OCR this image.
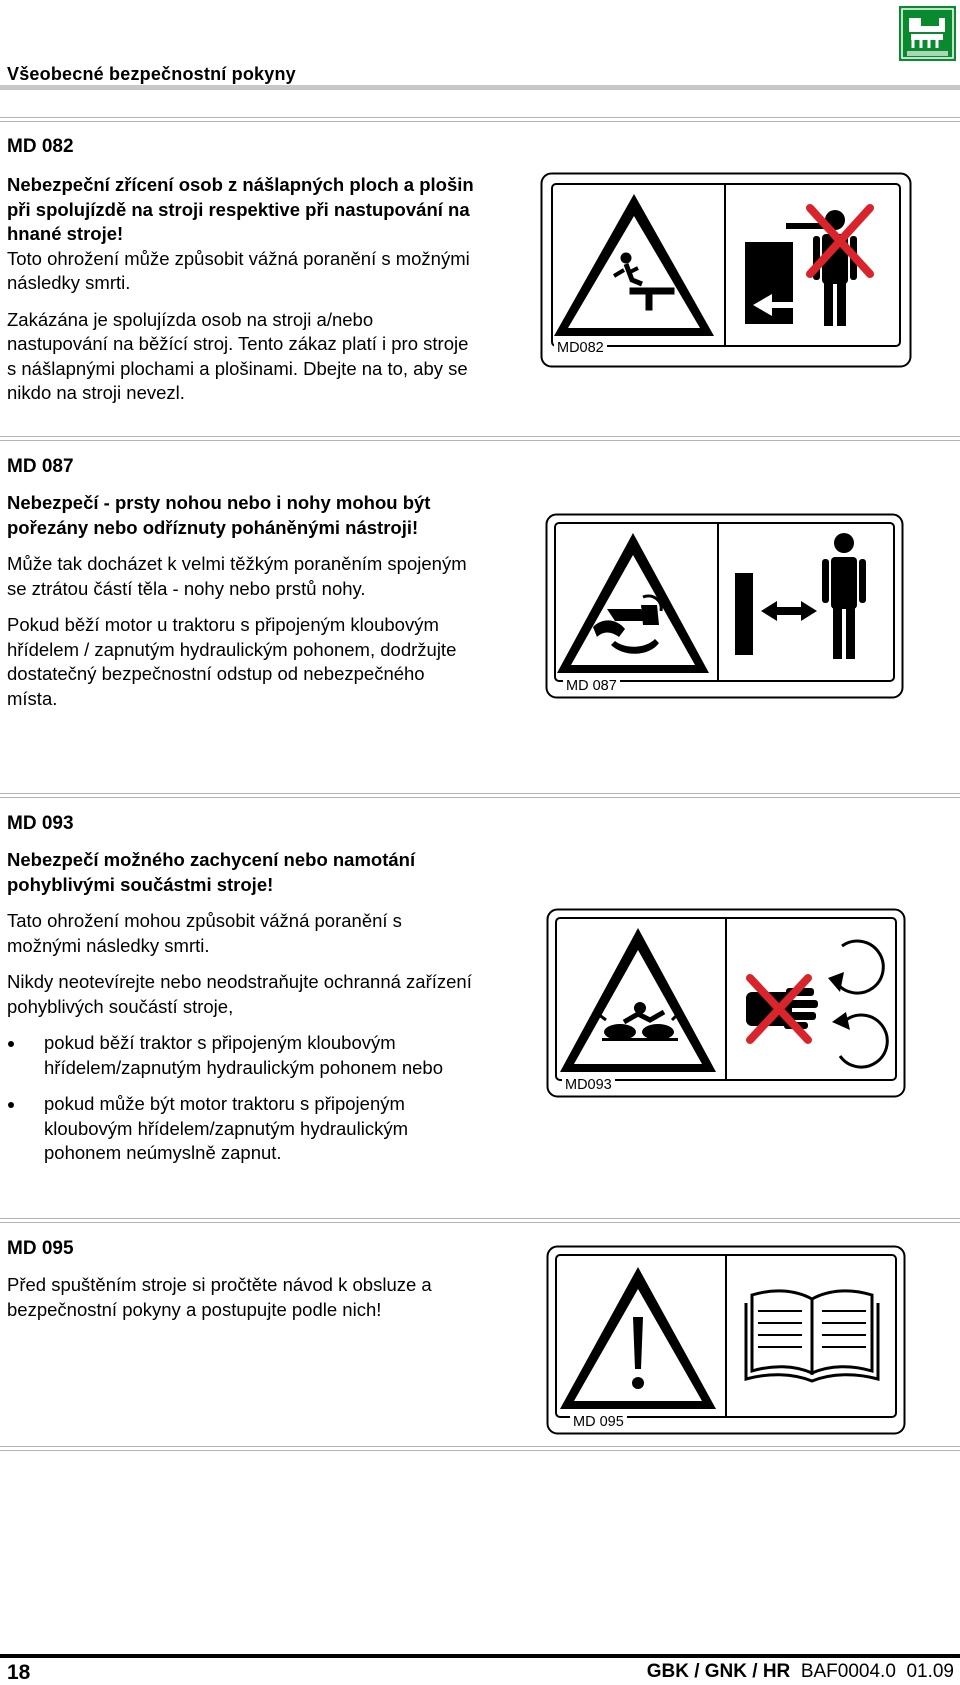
Všeobecné bezpečnostní pokyny
MD 082

Nebezpeční zřícení osob z nášlapných ploch a plošin při spolujízdě na stroji respektive při nastupování na hnané stroje!

Toto ohrožení může způsobit vážná poranění s možnými následky smrti.

Zakázána je spolujízda osob na stroji a/nebo nastupování na běžící stroj. Tento zákaz platí i pro stroje s nášlapnými plochami a plošinami. Dbejte na to, aby se nikdo na stroji nevezl.

MD082
MD 087

Nebezpečí - prsty nohou nebo i nohy mohou být pořezány nebo odříznuty poháněnými nástroji!

Může tak docházet k velmi těžkým poraněním spojeným se ztrátou částí těla - nohy nebo prstů nohy.

Pokud běží motor u traktoru s připojeným kloubovým hřídelem / zapnutým hydraulickým pohonem, dodržujte dostatečný bezpečnostní odstup od nebezpečného místa.

MD 087
MD 093

Nebezpečí možného zachycení nebo namotání pohyblivými součástmi stroje!

Tato ohrožení mohou způsobit vážná poranění s možnými následky smrti.

Nikdy neotevírejte nebo neodstraňujte ochranná zařízení pohyblivých součástí stroje,

pokud běží traktor s připojeným kloubovým hřídelem/zapnutým hydraulickým pohonem nebo
pokud může být motor traktoru s připojeným kloubovým hřídelem/zapnutým hydraulickým pohonem neúmyslně zapnut.
MD093
MD 095

Před spuštěním stroje si pročtěte návod k obsluze a bezpečnostní pokyny a postupujte podle nich!

MD 095
18	GBK / GNK / HR  BAF0004.0  01.09
